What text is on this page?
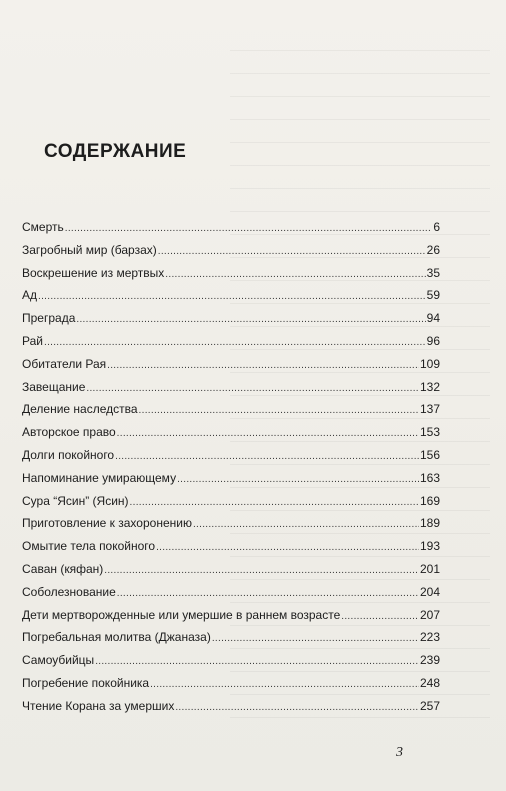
СОДЕРЖАНИЕ
Смерть .....	6
Загробный мир (барзах) .....	26
Воскрешение из мертвых .....	35
Ад .....	59
Преграда .....	94
Рай .....	96
Обитатели Рая .....	109
Завещание .....	132
Деление наследства .....	137
Авторское право .....	153
Долги покойного .....	156
Напоминание умирающему .....	163
Сура “Ясин” (Ясин) .....	169
Приготовление к захоронению .....	189
Омытие тела покойного .....	193
Саван (кяфан) .....	201
Соболезнование .....	204
Дети мертворожденные или умершие в раннем возрасте .....	207
Погребальная молитва (Джаназа) .....	223
Самоубийцы .....	239
Погребение покойника .....	248
Чтение Корана за умерших .....	257
3
